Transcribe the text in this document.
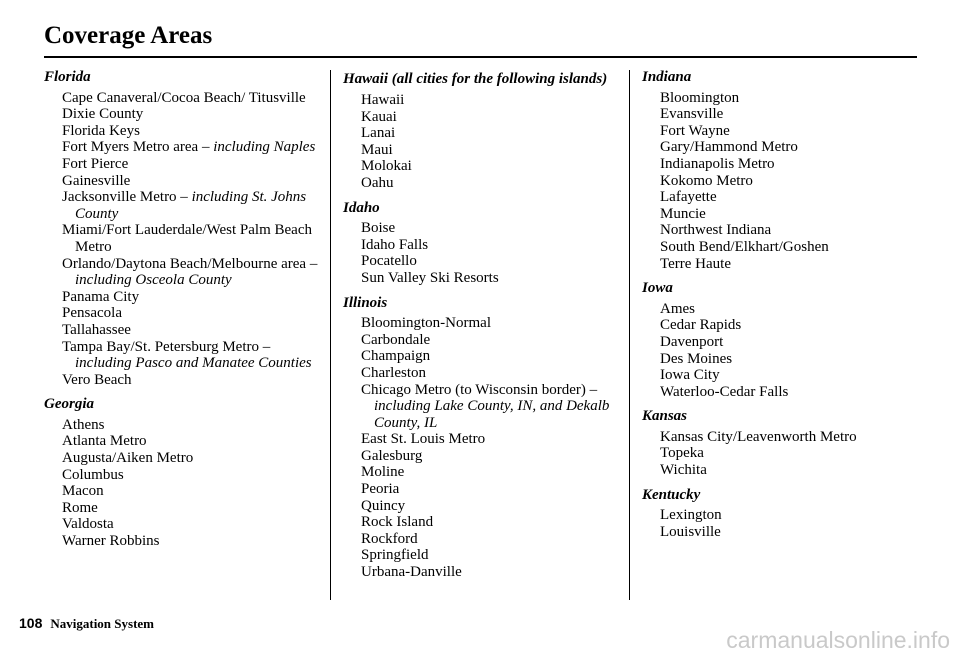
Coverage Areas
Florida
Cape Canaveral/Cocoa Beach/ Titusville
Dixie County
Florida Keys
Fort Myers Metro area – including Naples
Fort Pierce
Gainesville
Jacksonville Metro – including St. Johns County
Miami/Fort Lauderdale/West Palm Beach Metro
Orlando/Daytona Beach/Melbourne area – including Osceola County
Panama City
Pensacola
Tallahassee
Tampa Bay/St. Petersburg Metro – including Pasco and Manatee Counties
Vero Beach
Georgia
Athens
Atlanta Metro
Augusta/Aiken Metro
Columbus
Macon
Rome
Valdosta
Warner Robbins
Hawaii (all cities for the following islands)
Hawaii
Kauai
Lanai
Maui
Molokai
Oahu
Idaho
Boise
Idaho Falls
Pocatello
Sun Valley Ski Resorts
Illinois
Bloomington-Normal
Carbondale
Champaign
Charleston
Chicago Metro (to Wisconsin border) – including Lake County, IN, and Dekalb County, IL
East St. Louis Metro
Galesburg
Moline
Peoria
Quincy
Rock Island
Rockford
Springfield
Urbana-Danville
Indiana
Bloomington
Evansville
Fort Wayne
Gary/Hammond Metro
Indianapolis Metro
Kokomo Metro
Lafayette
Muncie
Northwest Indiana
South Bend/Elkhart/Goshen
Terre Haute
Iowa
Ames
Cedar Rapids
Davenport
Des Moines
Iowa City
Waterloo-Cedar Falls
Kansas
Kansas City/Leavenworth Metro
Topeka
Wichita
Kentucky
Lexington
Louisville
108 Navigation System
carmanualsonline.info
